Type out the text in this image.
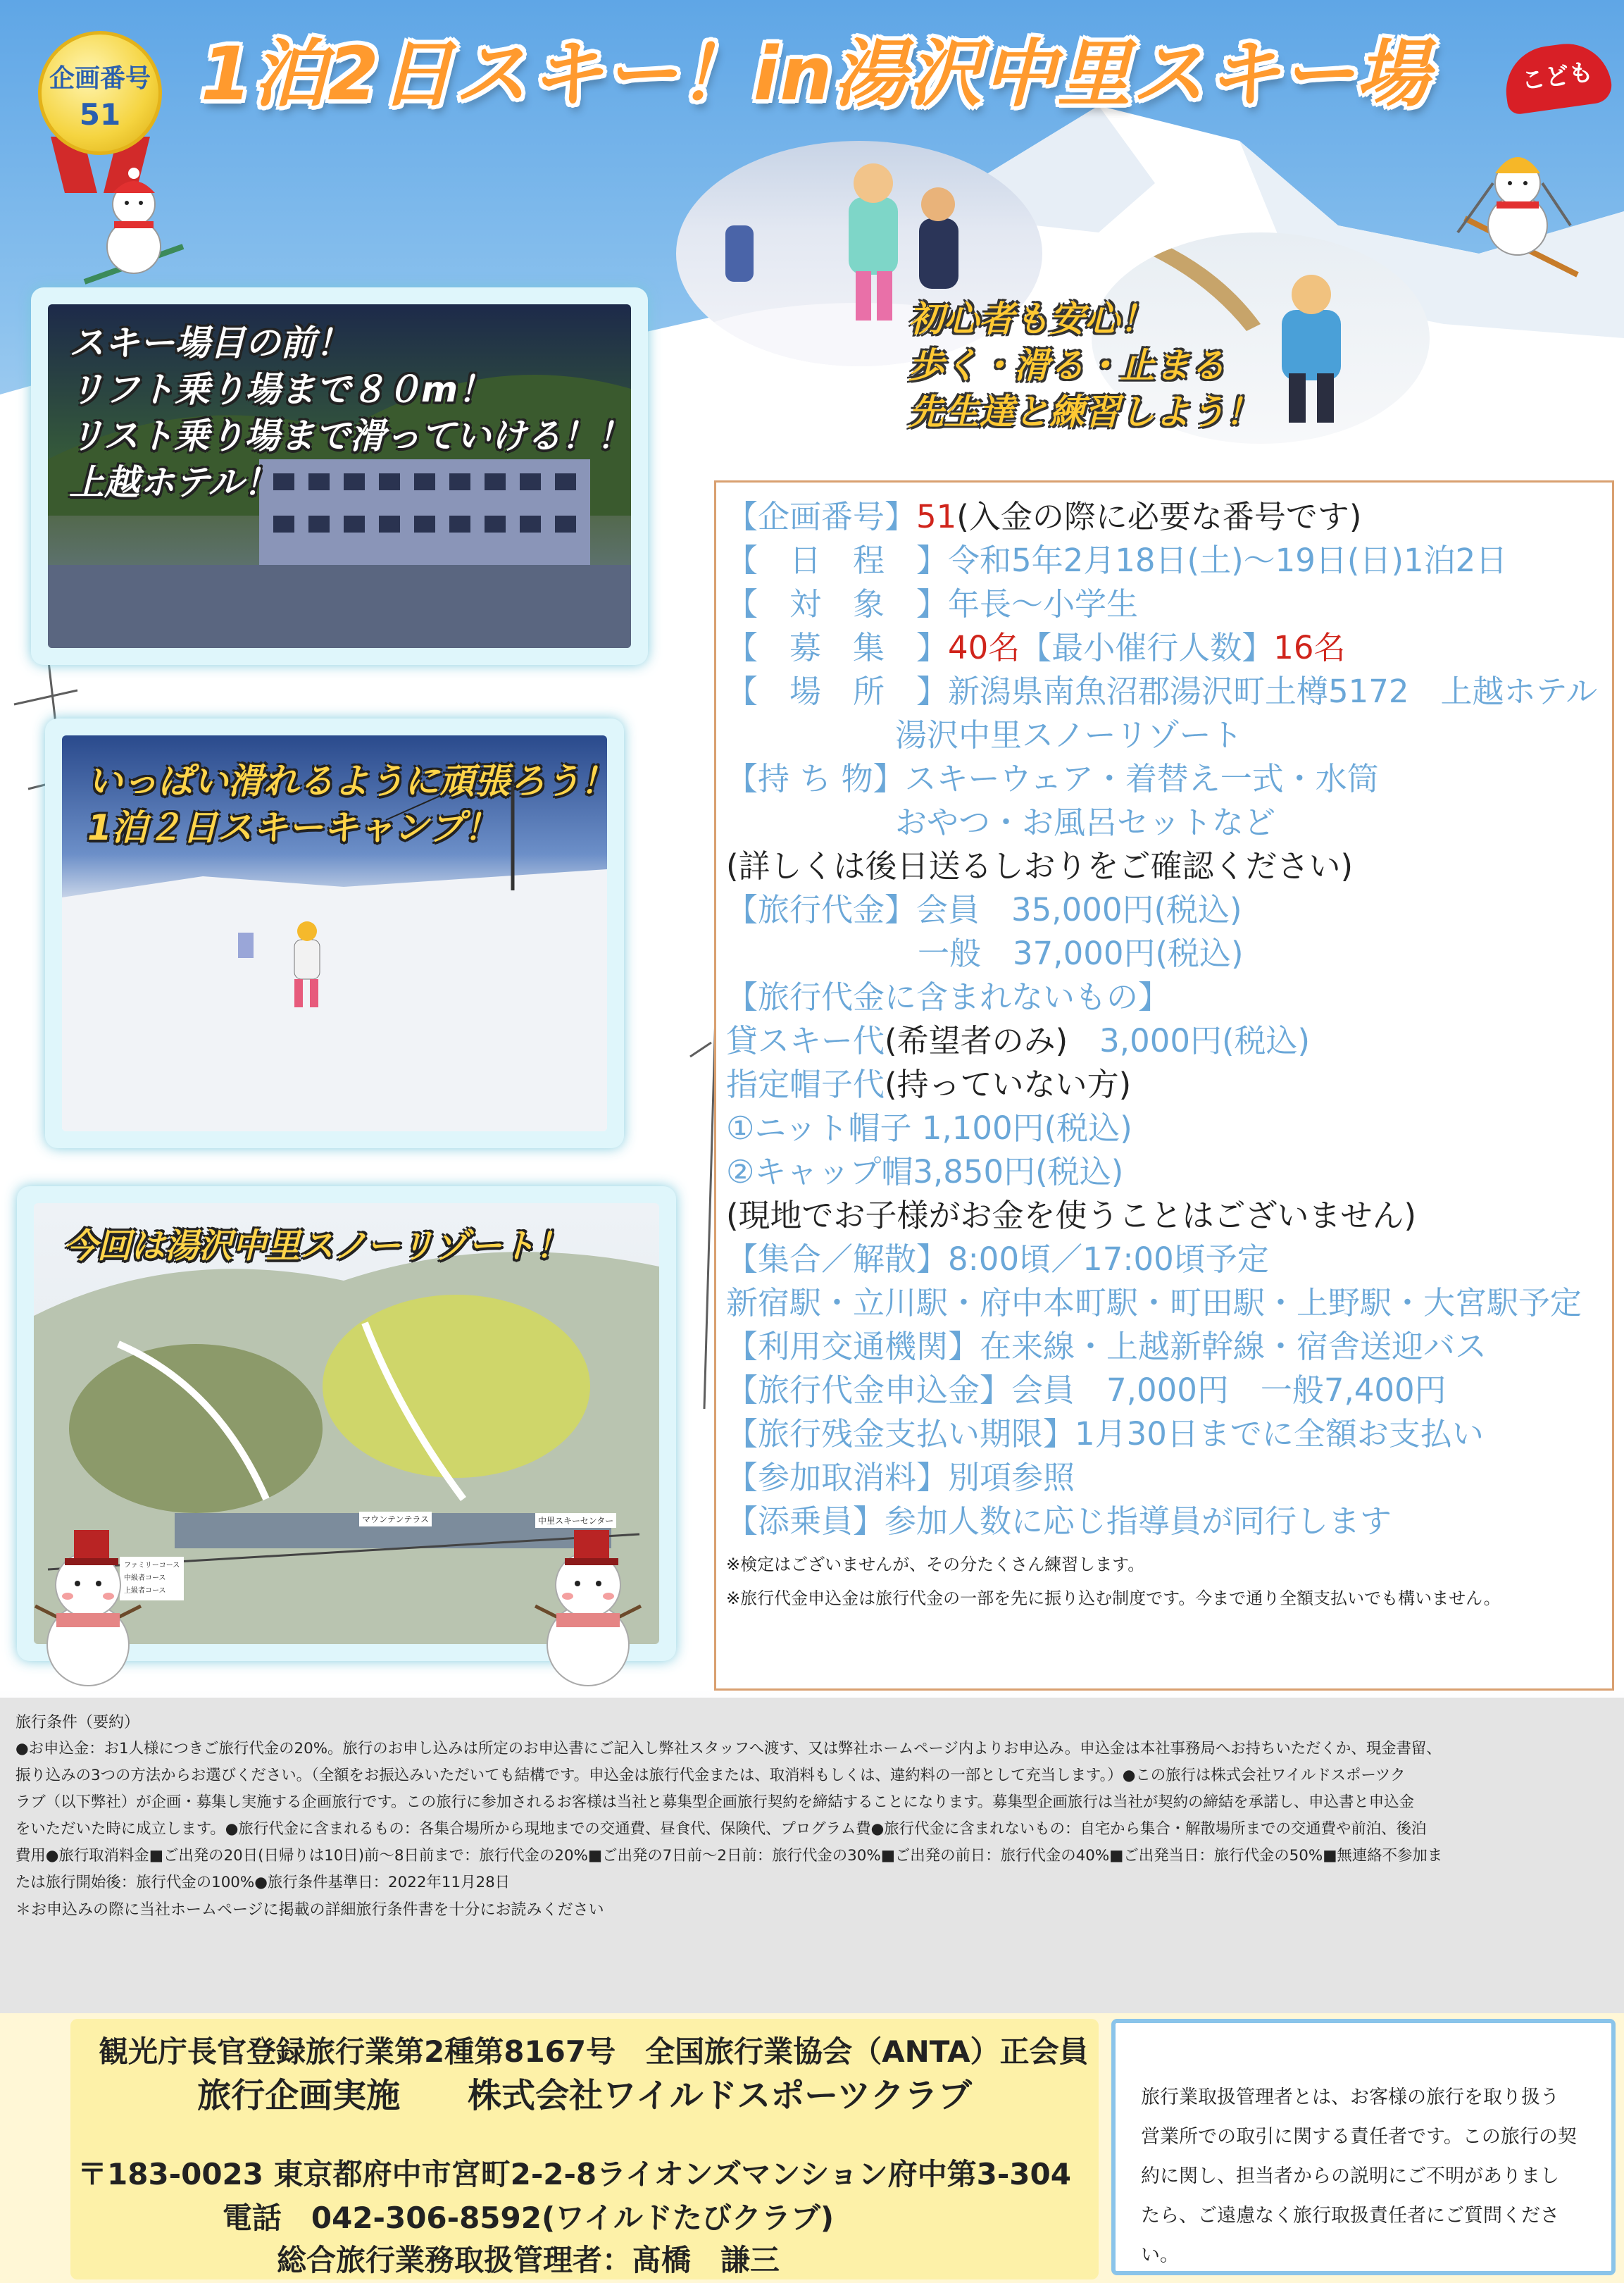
企画番号
51	1泊2日スキー！in湯沢中里スキー場	こども
初心者も安心！
歩く・滑る・止まる
先生達と練習しよう！
スキー場目の前！
リフト乗り場まで８０m！
リスト乗り場まで滑っていける！！
上越ホテル！
いっぱい滑れるように頑張ろう！
1泊２日スキーキャンプ！
マウンテンテラス	中里スキーセンター
ファミリーコース
中級者コース
上級者コース
今回は湯沢中里スノーリゾート！
【企画番号】51(入金の際に必要な番号です)
【　日　程　】令和5年2月18日(土)～19日(日)1泊2日
【　対　象　】年長～小学生
【　募　集　】40名【最小催行人数】16名
【　場　所　】新潟県南魚沼郡湯沢町土樽5172　上越ホテル
湯沢中里スノーリゾート
【持 ち 物】スキーウェア・着替え一式・水筒
おやつ・お風呂セットなど
(詳しくは後日送るしおりをご確認ください)
【旅行代金】会員　35,000円(税込)
一般　37,000円(税込)
【旅行代金に含まれないもの】
貸スキー代(希望者のみ)　3,000円(税込)
指定帽子代(持っていない方)
①ニット帽子 1,100円(税込)
②キャップ帽3,850円(税込)
(現地でお子様がお金を使うことはございません)
【集合／解散】8:00頃／17:00頃予定
新宿駅・立川駅・府中本町駅・町田駅・上野駅・大宮駅予定
【利用交通機関】在来線・上越新幹線・宿舎送迎バス
【旅行代金申込金】会員　7,000円　一般7,400円
【旅行残金支払い期限】1月30日までに全額お支払い
【参加取消料】別項参照
【添乗員】参加人数に応じ指導員が同行します
※検定はございませんが、その分たくさん練習します。
※旅行代金申込金は旅行代金の一部を先に振り込む制度です。今まで通り全額支払いでも構いません。
旅行条件（要約）
●お申込金：お1人様につきご旅行代金の20%。旅行のお申し込みは所定のお申込書にご記入し弊社スタッフへ渡す、又は弊社ホームページ内よりお申込み。申込金は本社事務局へお持ちいただくか、現金書留、
振り込みの3つの方法からお選びください。（全額をお振込みいただいても結構です。申込金は旅行代金または、取消料もしくは、違約料の一部として充当します。）●この旅行は株式会社ワイルドスポーツク
ラブ（以下弊社）が企画・募集し実施する企画旅行です。この旅行に参加されるお客様は当社と募集型企画旅行契約を締結することになります。募集型企画旅行は当社が契約の締結を承諾し、申込書と申込金
をいただいた時に成立します。●旅行代金に含まれるもの：各集合場所から現地までの交通費、昼食代、保険代、プログラム費●旅行代金に含まれないもの：自宅から集合・解散場所までの交通費や前泊、後泊
費用●旅行取消料金■ご出発の20日(日帰りは10日)前～8日前まで：旅行代金の20%■ご出発の7日前～2日前：旅行代金の30%■ご出発の前日：旅行代金の40%■ご出発当日：旅行代金の50%■無連絡不参加ま
たは旅行開始後：旅行代金の100%●旅行条件基準日：2022年11月28日
＊お申込みの際に当社ホームページに掲載の詳細旅行条件書を十分にお読みください
観光庁長官登録旅行業第2種第8167号　全国旅行業協会（ANTA）正会員
旅行企画実施　　株式会社ワイルドスポーツクラブ
〒183-0023 東京都府中市宮町2-2-8ライオンズマンション府中第3-304
電話　042-306-8592(ワイルドたびクラブ)
総合旅行業務取扱管理者：髙橋　謙三
旅行業取扱管理者とは、お客様の旅行を取り扱う
営業所での取引に関する責任者です。この旅行の契
約に関し、担当者からの説明にご不明がありまし
たら、ご遠慮なく旅行取扱責任者にご質問ください。
